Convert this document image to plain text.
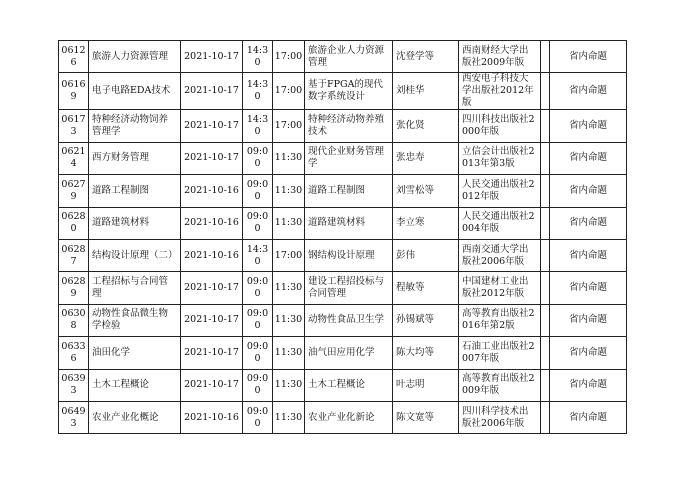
06126	旅游人力资源管理	2021-10-17	14:30	17:00	旅游企业人力资源管理	沈登学等	西南财经大学出版社2009年版		省内命题
06169	电子电路EDA技术	2021-10-17	14:30	17:00	基于FPGA的现代数字系统设计	刘桂华	西安电子科技大学出版社2012年版		省内命题
06173	特种经济动物饲养管理学	2021-10-17	14:30	17:00	特种经济动物养殖技术	张化贤	四川科技出版社2000年版		省内命题
06214	西方财务管理	2021-10-17	09:00	11:30	现代企业财务管理学	张忠寿	立信会计出版社2013年第3版		省内命题
06279	道路工程制图	2021-10-16	09:00	11:30	道路工程制图	刘雪松等	人民交通出版社2012年版		省内命题
06280	道路建筑材料	2021-10-16	09:00	11:30	道路建筑材料	李立寒	人民交通出版社2004年版		省内命题
06287	结构设计原理（二）	2021-10-16	14:30	17:00	钢结构设计原理	彭伟	西南交通大学出版社2006年版		省内命题
06289	工程招标与合同管理	2021-10-17	09:00	11:30	建设工程招投标与合同管理	程敏等	中国建材工业出版社2012年版		省内命题
06308	动物性食品微生物学检验	2021-10-17	09:00	11:30	动物性食品卫生学	孙锡斌等	高等教育出版社2016年第2版		省内命题
06336	油田化学	2021-10-17	09:00	11:30	油气田应用化学	陈大均等	石油工业出版社2007年版		省内命题
06393	土木工程概论	2021-10-17	09:00	11:30	土木工程概论	叶志明	高等教育出版社2009年版		省内命题
06493	农业产业化概论	2021-10-16	09:00	11:30	农业产业化新论	陈文宽等	四川科学技术出版社2006年版		省内命题
